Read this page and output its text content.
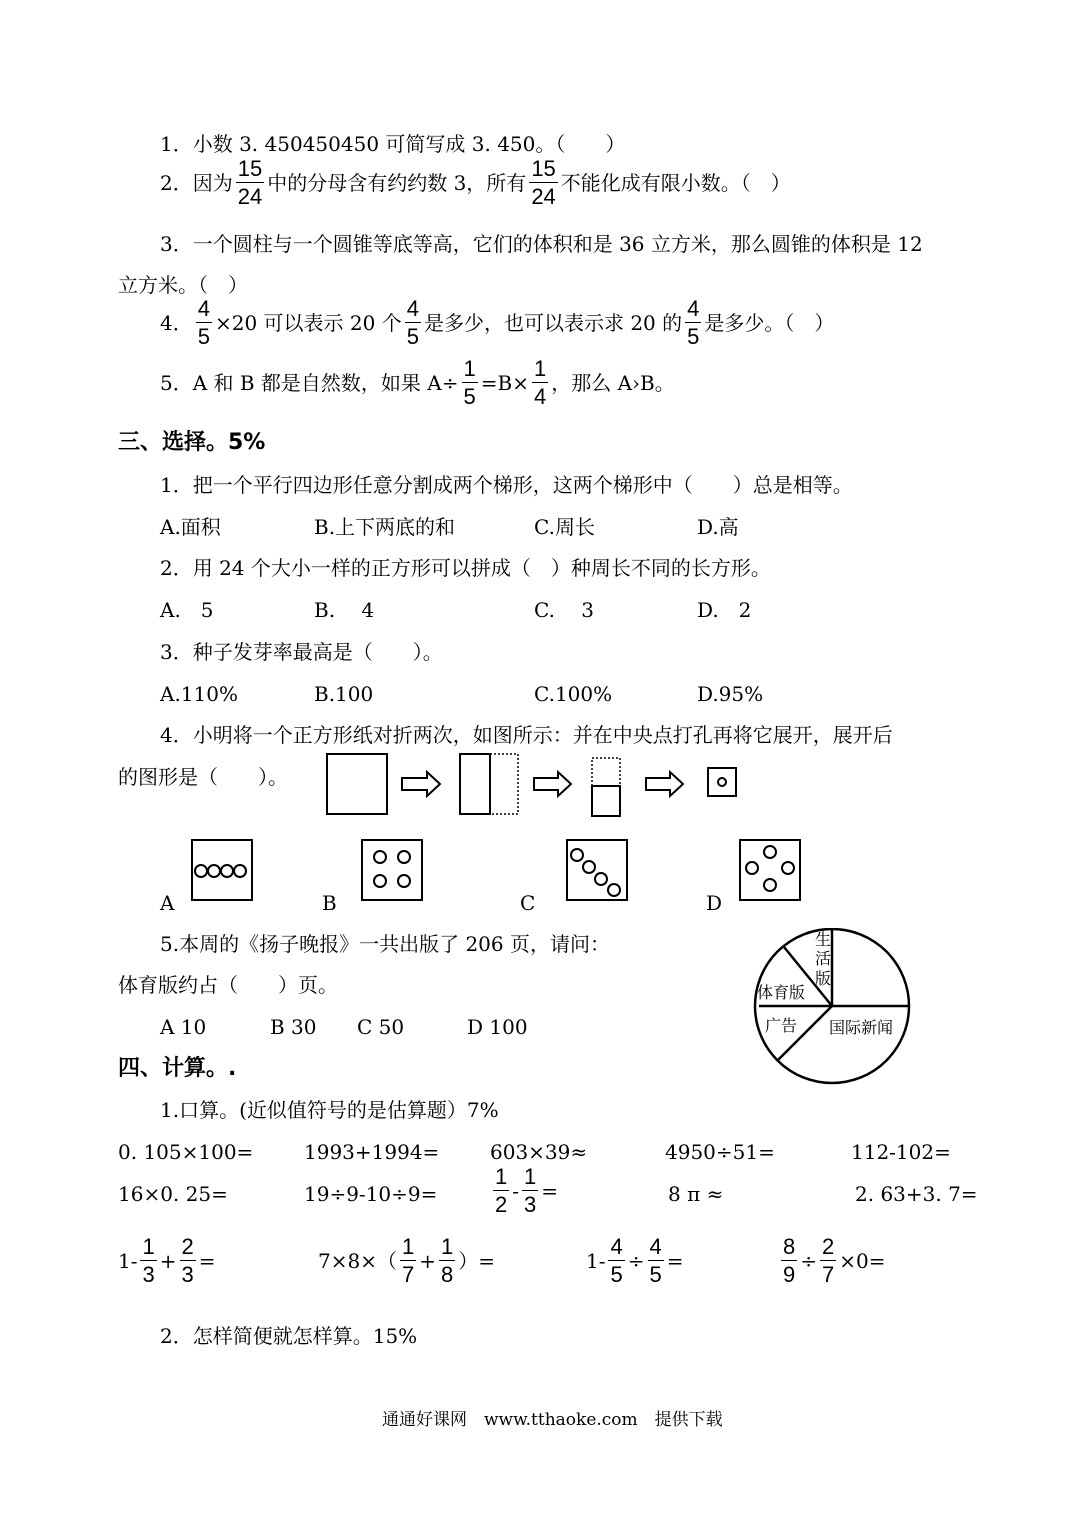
1．小数 3. 450450450 可简写成 3. 450。（　　）
2．因为 $\frac{15}{24}$ 中的分母含有约约数 3，所有 $\frac{15}{24}$ 不能化成有限小数。（　）
3．一个圆柱与一个圆锥等底等高，它们的体积和是 36 立方米，那么圆锥的体积是 12
立方米。（　）
4． $\frac{4}{5} \times 20$ 可以表示 20 个 $\frac{4}{5}$ 是多少，也可以表示求 20 的 $\frac{4}{5}$ 是多少。（　）
5．A 和 B 都是自然数，如果 $A\div \frac{1}{5} =B\times \frac{1}{4}$ ，那么 A›B。
三、选择。5%
1．把一个平行四边形任意分割成两个梯形，这两个梯形中（　　）总是相等。
A.面积	B.上下两底的和	C.周长	D.高
2．用 24 个大小一样的正方形可以拼成（　）种周长不同的长方形。
A.　5	B.　 4	C.　 3	D.　2
3．种子发芽率最高是（　　）。
A.110%	B.100	C.100%	D.95%
4．小明将一个正方形纸对折两次，如图所示：并在中央点打孔再将它展开，展开后
的图形是（　　）。
A	B	C	D
5.本周的《扬子晚报》一共出版了 206 页，请问：
体育版约占（　　）页。
A 10	B 30 C 50	D 100
生
活
版
体育版
广告 国际新闻
四、计算。.
1.口算。(近似值符号的是估算题）7%
0. 105×100=	1993+1994=	603×39≈	4950÷51=	112-102=
16×0. 25=	19÷9-10÷9=	$\frac{1}{2} - \frac{1}{3}$ =	8 π ≈	2. 63+3. 7=
$1- \frac{1}{3} + \frac{2}{3}$ =	$7\times 8\times( \frac{1}{7} + \frac{1}{8}$ ）=	$1- \frac{4}{5} \div \frac{4}{5}$ =	$\frac{8}{9} \div \frac{2}{7} \times 0=$
2．怎样简便就怎样算。15%
通通好课网　www.tthaoke.com　提供下载
